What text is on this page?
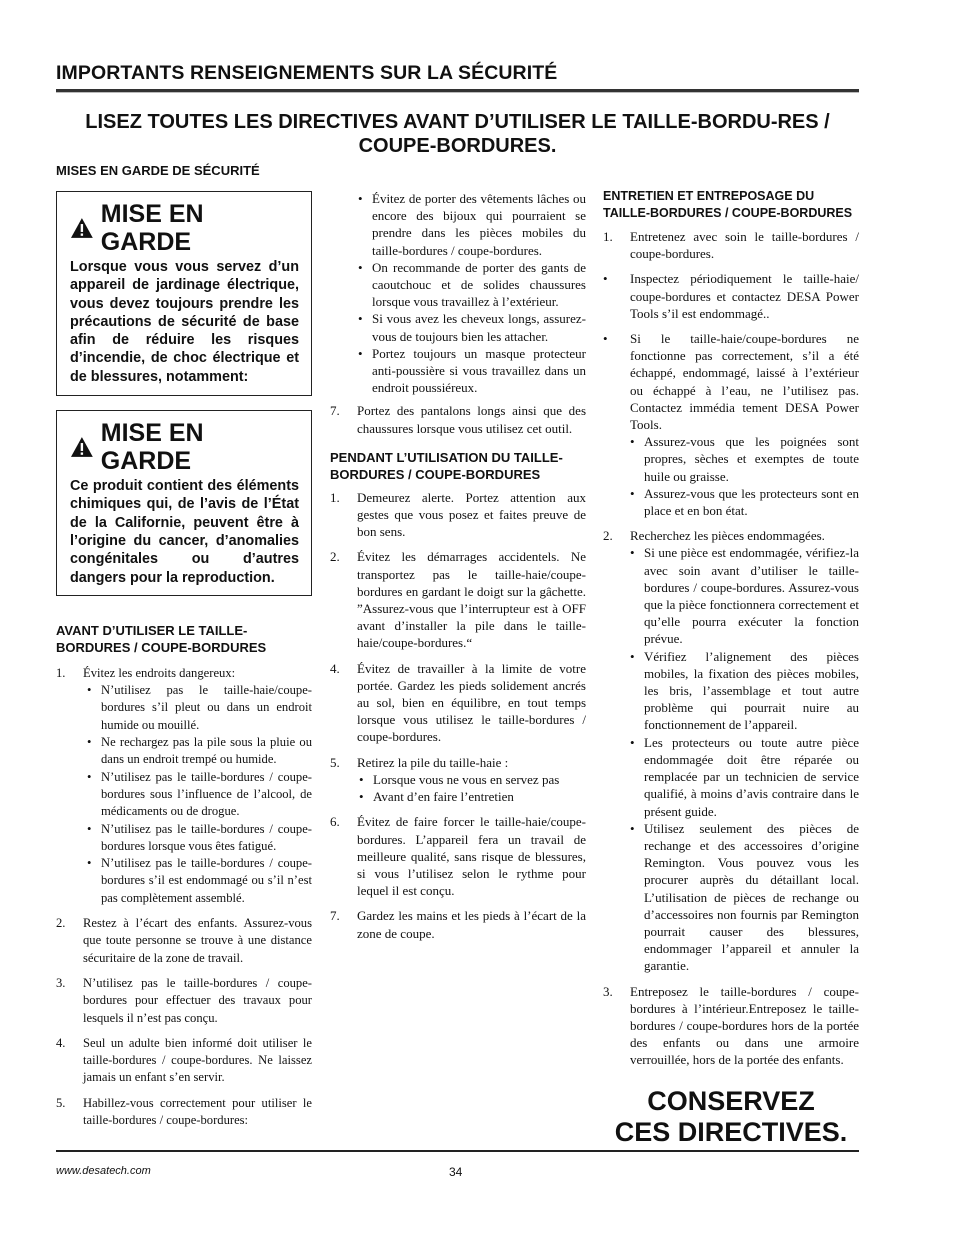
IMPORTANTS RENSEIGNEMENTS SUR LA SÉCURITÉ
LISEZ TOUTES LES DIRECTIVES AVANT D’UTILISER LE TAILLE-BORDU-RES / COUPE-BORDURES.

MISES EN GARDE DE SÉCURITÉ

MISE EN GARDE
Lorsque vous vous servez d’un appareil de jardinage électrique, vous devez toujours prendre les précautions de sécurité de base afin de réduire les risques d’incendie, de choc électrique et de blessures, notamment:
MISE EN GARDE
Ce produit contient des éléments chimiques qui, de l’avis de l’État de la Californie, peuvent être à l’origine du cancer, d’anomalies congénitales ou d’autres dangers pour la reproduction.

AVANT D’UTILISER LE TAILLE-BORDURES / COUPE-BORDURES

1. Évitez les endroits dangereux:
• N’utilisez pas le taille-haie/coupe-bordures s’il pleut ou dans un endroit humide ou mouillé.
• Ne rechargez pas la pile sous la pluie ou dans un endroit trempé ou humide.
• N’utilisez pas le taille-bordures / coupe-bordures sous l’influence de l’alcool, de médicaments ou de drogue.
• N’utilisez pas le taille-bordures / coupe-bordures lorsque vous êtes fatigué.
• N’utilisez pas le taille-bordures / coupe-bordures s’il est endommagé ou s’il n’est pas complètement assemblé.
2. Restez à l’écart des enfants. Assurez-vous que toute personne se trouve à une distance sécuritaire de la zone de travail.
3. N’utilisez pas le taille-bordures / coupe-bordures pour effectuer des travaux pour lesquels il n’est pas conçu.
4. Seul un adulte bien informé doit utiliser le taille-bordures / coupe-bordures. Ne laissez jamais un enfant s’en servir.
5. Habillez-vous correctement pour utiliser le taille-bordures / coupe-bordures:
• Évitez de porter des vêtements lâches ou encore des bijoux qui pourraient se prendre dans les pièces mobiles du taille-bordures / coupe-bordures.
• On recommande de porter des gants de caoutchouc et de solides chaussures lorsque vous travaillez à l’extérieur.
• Si vous avez les cheveux longs, assurez-vous de toujours bien les attacher.
• Portez toujours un masque protecteur anti-poussière si vous travaillez dans un endroit poussiéreux.
7. Portez des pantalons longs ainsi que des chaussures lorsque vous utilisez cet outil.

PENDANT L’UTILISATION DU TAILLE-BORDURES / COUPE-BORDURES

1. Demeurez alerte. Portez attention aux gestes que vous posez et faites preuve de bon sens.
2. Évitez les démarrages accidentels. Ne transportez pas le taille-haie/coupe-bordures en gardant le doigt sur la gâchette. ”Assurez-vous que l’interrupteur est à OFF avant d’installer la pile dans le taille-haie/coupe-bordures.“
4. Évitez de travailler à la limite de votre portée. Gardez les pieds solidement ancrés au sol, bien en équilibre, en tout temps lorsque vous utilisez le taille-bordures / coupe-bordures.
5. Retirez la pile du taille-haie :
• Lorsque vous ne vous en servez pas
• Avant d’en faire l’entretien
6. Évitez de faire forcer le taille-haie/coupe-bordures. L’appareil fera un travail de meilleure qualité, sans risque de blessures, si vous l’utilisez selon le rythme pour lequel il est conçu.
7. Gardez les mains et les pieds à l’écart de la zone de coupe.

ENTRETIEN ET ENTREPOSAGE DU TAILLE-BORDURES / COUPE-BORDURES

1. Entretenez avec soin le taille-bordures / coupe-bordures.
• Inspectez périodiquement le taille-haie/ coupe-bordures et contactez DESA Power Tools s’il est endommagé..
• Si le taille-haie/coupe-bordures ne fonctionne pas correctement, s’il a été échappé, endommagé, laissé à l’extérieur ou échappé à l’eau, ne l’utilisez pas. Contactez immédia tement DESA Power Tools.
• Assurez-vous que les poignées sont propres, sèches et exemptes de toute huile ou graisse.
• Assurez-vous que les protecteurs sont en place et en bon état.
2. Recherchez les pièces endommagées.
• Si une pièce est endommagée, vérifiez-la avec soin avant d’utiliser le taille-bordures / coupe-bordures. Assurez-vous que la pièce fonctionnera correctement et qu’elle pourra exécuter la fonction prévue.
• Vérifiez l’alignement des pièces mobiles, la fixation des pièces mobiles, les bris, l’assemblage et tout autre problème qui pourrait nuire au fonctionnement de l’appareil.
• Les protecteurs ou toute autre pièce endommagée doit être réparée ou remplacée par un technicien de service qualifié, à moins d’avis contraire dans le présent guide.
• Utilisez seulement des pièces de rechange et des accessoires d’origine Remington. Vous pouvez vous les procurer auprès du détaillant local. L’utilisation de pièces de rechange ou d’accessoires non fournis par Remington pourrait causer des blessures, endommager l’appareil et annuler la garantie.
3. Entreposez le taille-bordures / coupe-bordures à l’intérieur.Entreposez le taille-bordures / coupe-bordures hors de la portée des enfants ou dans une armoire verrouillée, hors de la portée des enfants.
CONSERVEZ
CES DIRECTIVES.
www.desatech.com	34
